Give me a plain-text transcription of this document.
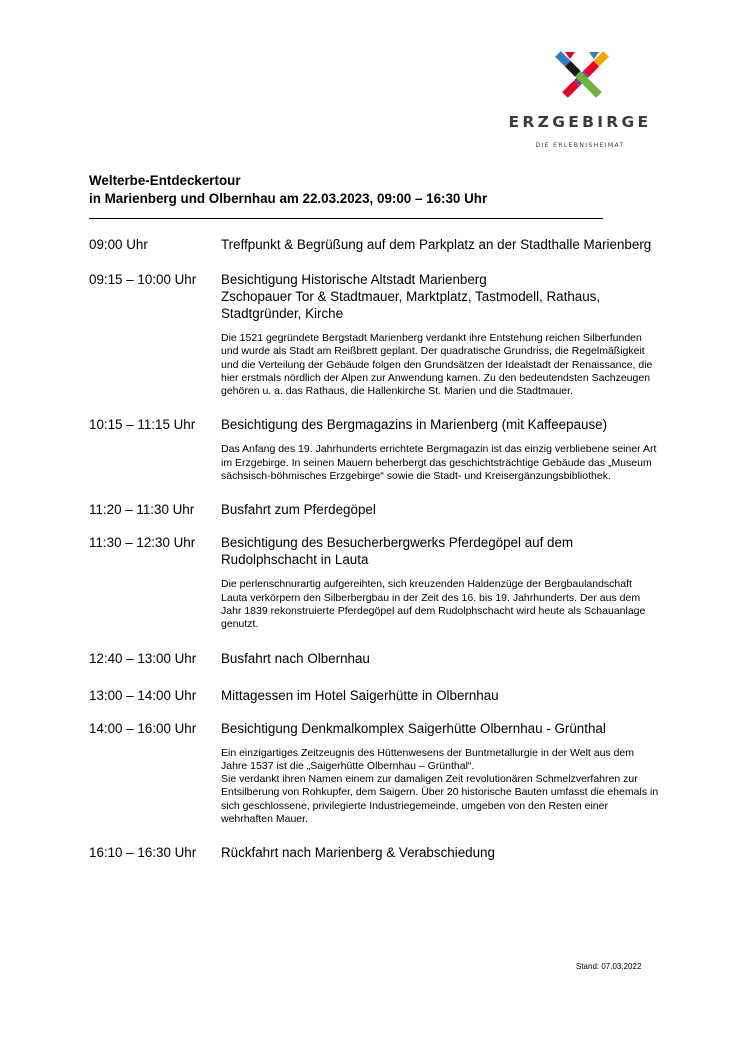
ERZGEBIRGE
DIE ERLEBNISHEIMAT
Welterbe-Entdeckertour
in Marienberg und Olbernhau am 22.03.2023, 09:00 – 16:30 Uhr
09:00 Uhr	Treffpunkt & Begrüßung auf dem Parkplatz an der Stadthalle Marienberg
09:15 – 10:00 Uhr	Besichtigung Historische Altstadt Marienberg
Zschopauer Tor & Stadtmauer, Marktplatz, Tastmodell, Rathaus, Stadtgründer, Kirche
Die 1521 gegründete Bergstadt Marienberg verdankt ihre Entstehung reichen Silberfunden und wurde als Stadt am Reißbrett geplant. Der quadratische Grundriss, die Regelmäßigkeit und die Verteilung der Gebäude folgen den Grundsätzen der Idealstadt der Renaissance, die hier erstmals nördlich der Alpen zur Anwendung kamen. Zu den bedeutendsten Sachzeugen gehören u. a. das Rathaus, die Hallenkirche St. Marien und die Stadtmauer.
10:15 – 11:15 Uhr	Besichtigung des Bergmagazins in Marienberg (mit Kaffeepause)
Das Anfang des 19. Jahrhunderts errichtete Bergmagazin ist das einzig verbliebene seiner Art im Erzgebirge. In seinen Mauern beherbergt das geschichtsträchtige Gebäude das „Museum sächsisch-böhmisches Erzgebirge“ sowie die Stadt- und Kreisergänzungsbibliothek.
11:20 – 11:30 Uhr	Busfahrt zum Pferdegöpel
11:30 – 12:30 Uhr	Besichtigung des Besucherbergwerks Pferdegöpel auf dem Rudolphschacht in Lauta
Die perlenschnurartig aufgereihten, sich kreuzenden Haldenzüge der Bergbaulandschaft Lauta verkörpern den Silberbergbau in der Zeit des 16. bis 19. Jahrhunderts. Der aus dem Jahr 1839 rekonstruierte Pferdegöpel auf dem Rudolphschacht wird heute als Schauanlage genutzt.
12:40 – 13:00 Uhr	Busfahrt nach Olbernhau
13:00 – 14:00 Uhr	Mittagessen im Hotel Saigerhütte in Olbernhau
14:00 – 16:00 Uhr	Besichtigung Denkmalkomplex Saigerhütte Olbernhau - Grünthal
Ein einzigartiges Zeitzeugnis des Hüttenwesens der Buntmetallurgie in der Welt aus dem Jahre 1537 ist die „Saigerhütte Olbernhau – Grünthal“.
Sie verdankt ihren Namen einem zur damaligen Zeit revolutionären Schmelzverfahren zur Entsilberung von Rohkupfer, dem Saigern. Über 20 historische Bauten umfasst die ehemals in sich geschlossene, privilegierte Industriegemeinde, umgeben von den Resten einer wehrhaften Mauer.
16:10 – 16:30 Uhr	Rückfahrt nach Marienberg & Verabschiedung
Stand: 07.03.2022
